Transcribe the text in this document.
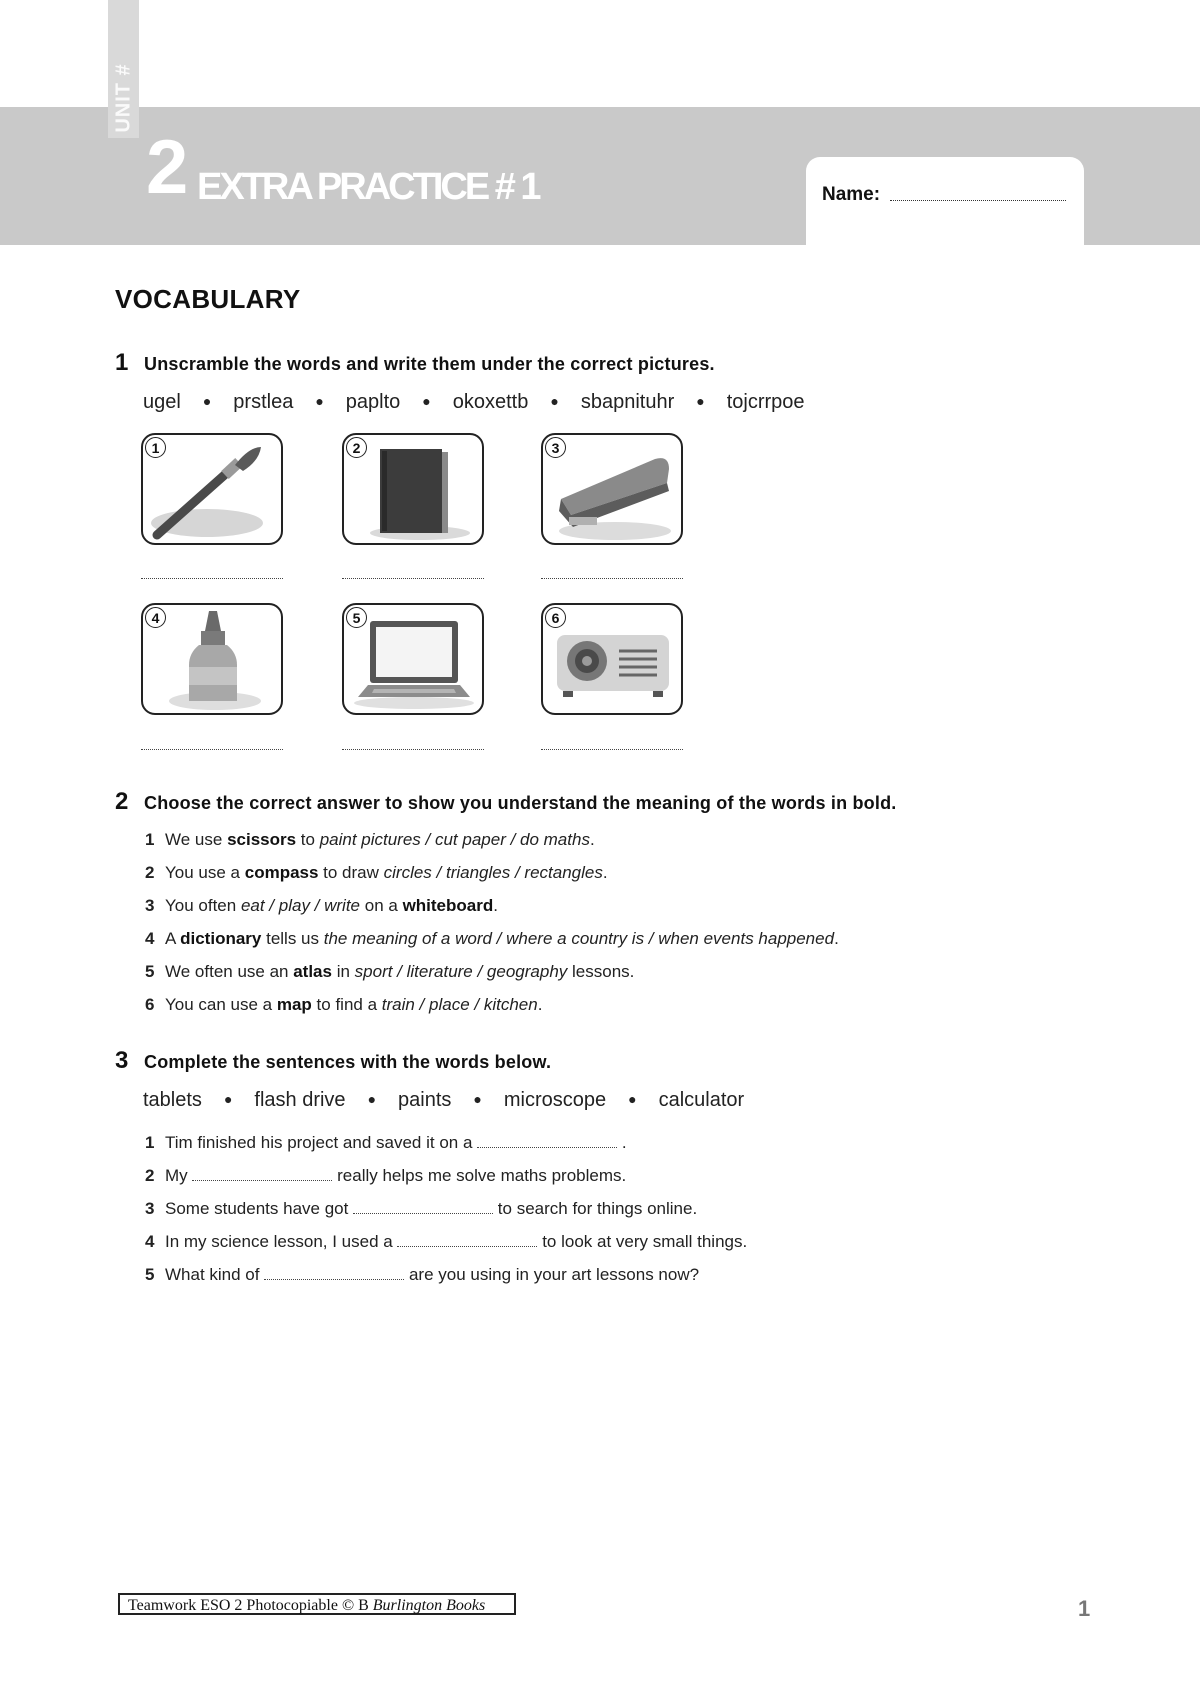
UNIT #
2 EXTRA PRACTICE # 1	Name:
VOCABULARY
1 Unscramble the words and write them under the correct pictures.
ugel ● prstlea ● paplto ● okoxettb ● sbapnituhr ● tojcrrpoe
1	2	3
4	5	6
2 Choose the correct answer to show you understand the meaning of the words in bold.
1 We use scissors to paint pictures / cut paper / do maths.
2 You use a compass to draw circles / triangles / rectangles.
3 You often eat / play / write on a whiteboard.
4 A dictionary tells us the meaning of a word / where a country is / when events happened.
5 We often use an atlas in sport / literature / geography lessons.
6 You can use a map to find a train / place / kitchen.
3 Complete the sentences with the words below.
tablets ● flash drive ● paints ● microscope ● calculator
1 Tim finished his project and saved it on a	.
2 My	really helps me solve maths problems.
3 Some students have got	to search for things online.
4 In my science lesson, I used a	to look at very small things.
5 What kind of	are you using in your art lessons now?
Teamwork ESO 2 Photocopiable © B Burlington Books	1
